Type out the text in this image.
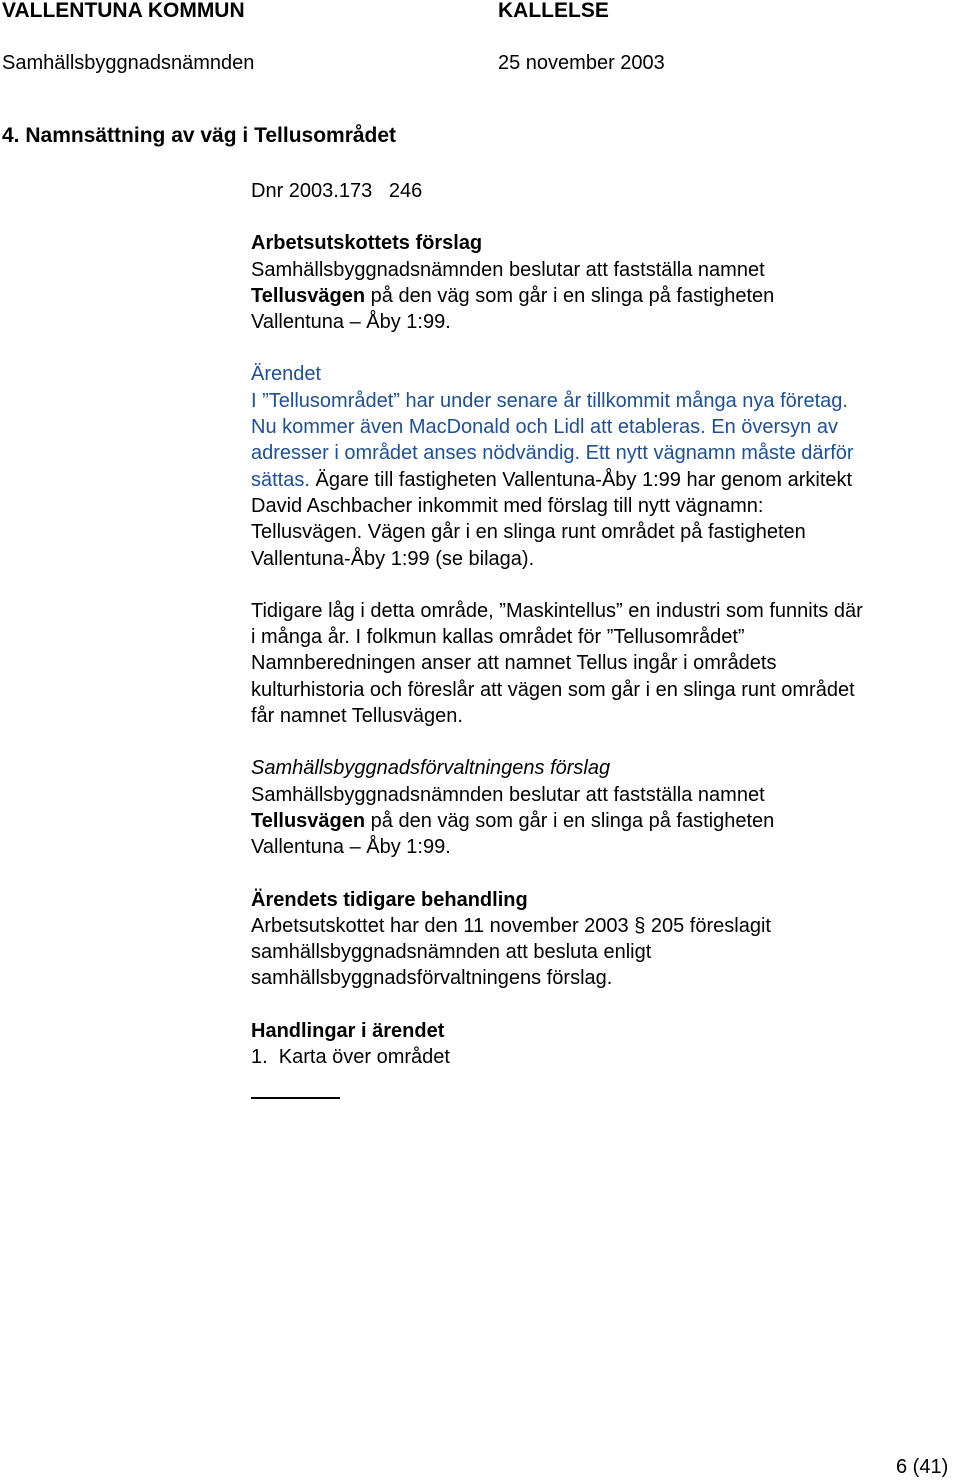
VALLENTUNA KOMMUN	KALLELSE
Samhällsbyggnadsnämnden	25 november 2003
4. Namnsättning av väg i Tellusområdet

Dnr 2003.173   246

Arbetsutskottets förslag

Samhällsbyggnadsnämnden beslutar att fastställa namnet

Tellusvägen på den väg som går i en slinga på fastigheten

Vallentuna – Åby 1:99.

Ärendet

I ”Tellusområdet” har under senare år tillkommit många nya företag.

Nu kommer även MacDonald och Lidl att etableras. En översyn av

adresser i området anses nödvändig. Ett nytt vägnamn måste därför

sättas. Ägare till fastigheten Vallentuna-Åby 1:99 har genom arkitekt

David Aschbacher inkommit med förslag till nytt vägnamn:

Tellusvägen. Vägen går i en slinga runt området på fastigheten

Vallentuna-Åby 1:99 (se bilaga).

Tidigare låg i detta område, ”Maskintellus” en industri som funnits där

i många år. I folkmun kallas området för ”Tellusområdet”

Namnberedningen anser att namnet Tellus ingår i områdets

kulturhistoria och föreslår att vägen som går i en slinga runt området

får namnet Tellusvägen.

Samhällsbyggnadsförvaltningens förslag

Samhällsbyggnadsnämnden beslutar att fastställa namnet

Tellusvägen på den väg som går i en slinga på fastigheten

Vallentuna – Åby 1:99.

Ärendets tidigare behandling

Arbetsutskottet har den 11 november 2003 § 205 föreslagit

samhällsbyggnadsnämnden att besluta enligt

samhällsbyggnadsförvaltningens förslag.

Handlingar i ärendet

1.  Karta över området

6 (41)
